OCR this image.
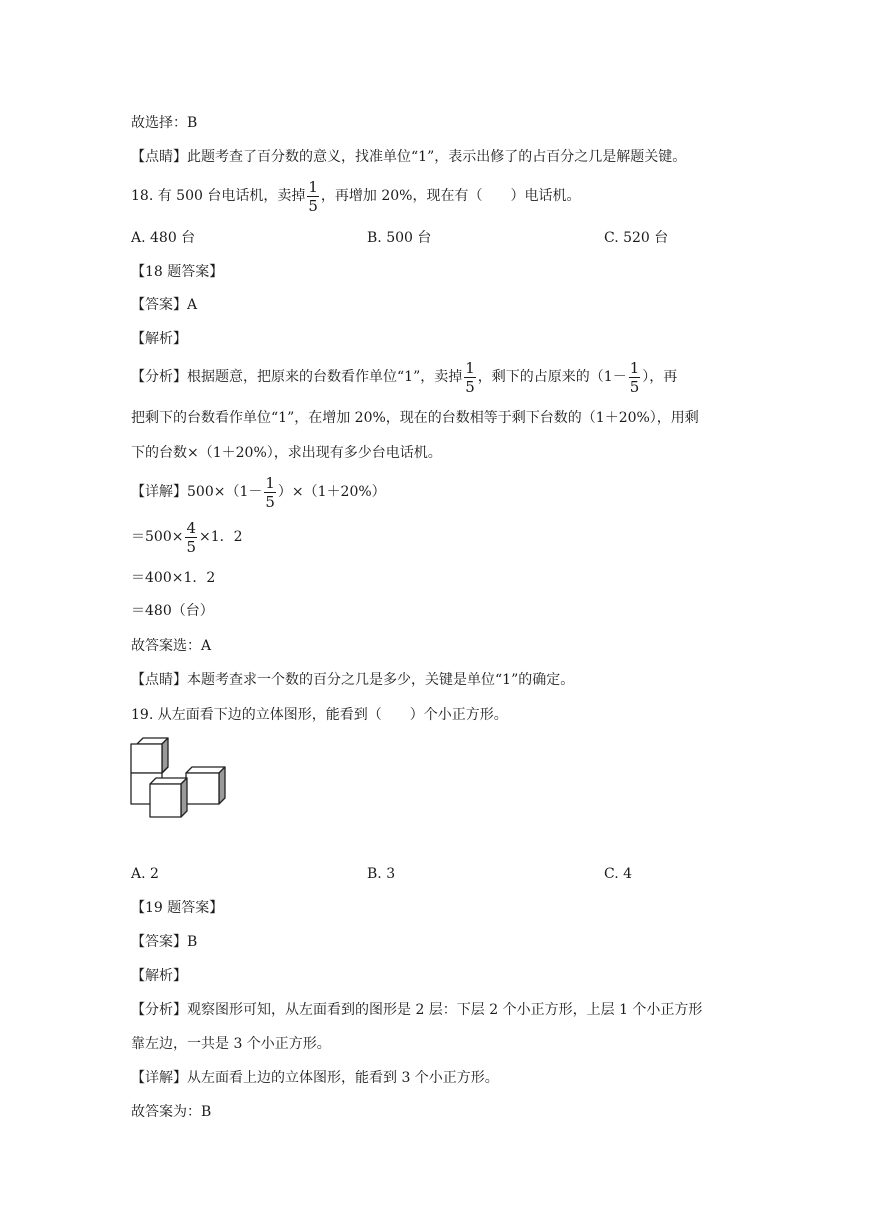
故选择：B
【点睛】此题考查了百分数的意义，找准单位“1”，表示出修了的占百分之几是解题关键。
18. 有 500 台电话机，卖掉 $\frac{1}{5}$ ，再增加 20%，现在有（　　）电话机。
A. 480 台	B. 500 台	C. 520 台
【18 题答案】
【答案】A
【解析】
【分析】根据题意，把原来的台数看作单位“1”，卖掉 $\frac{1}{5}$ ，剩下的占原来的（$1- \frac{1}{5}$ ），再
把剩下的台数看作单位“1”，在增加 20%，现在的台数相等于剩下台数的（1＋20%），用剩
下的台数×（1＋20%），求出现有多少台电话机。
【详解】$500\times(1- \frac{1}{5} )\times(1+20\%)$
$=500\times \frac{4}{5} \times 1$．2
＝400×1．2
＝480（台）
故答案选：A
【点睛】本题考查求一个数的百分之几是多少，关键是单位“1”的确定。
19. 从左面看下边的立体图形，能看到（　　）个小正方形。
A. 2	B. 3	C. 4
【19 题答案】
【答案】B
【解析】
【分析】观察图形可知，从左面看到的图形是 2 层：下层 2 个小正方形，上层 1 个小正方形
靠左边，一共是 3 个小正方形。
【详解】从左面看上边的立体图形，能看到 3 个小正方形。
故答案为：B
